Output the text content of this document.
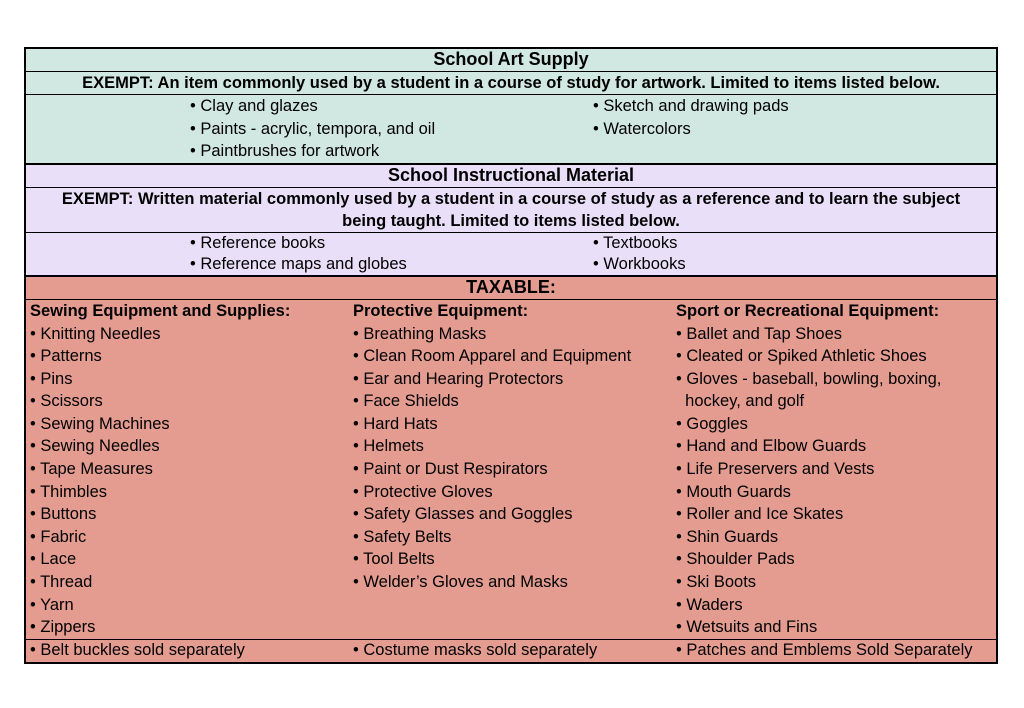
School Art Supply
EXEMPT: An item commonly used by a student in a course of study for artwork. Limited to items listed below.
• Clay and glazes
• Paints - acrylic, tempora, and oil
• Paintbrushes for artwork
• Sketch and drawing pads
• Watercolors
School Instructional Material
EXEMPT: Written material commonly used by a student in a course of study as a reference and to learn the subject
being taught. Limited to items listed below.
• Reference books
• Reference maps and globes
• Textbooks
• Workbooks
TAXABLE:
Sewing Equipment and Supplies:
• Knitting Needles
• Patterns
• Pins
• Scissors
• Sewing Machines
• Sewing Needles
• Tape Measures
• Thimbles
• Buttons
• Fabric
• Lace
• Thread
• Yarn
• Zippers
Protective Equipment:
• Breathing Masks
• Clean Room Apparel and Equipment
• Ear and Hearing Protectors
• Face Shields
• Hard Hats
• Helmets
• Paint or Dust Respirators
• Protective Gloves
• Safety Glasses and Goggles
• Safety Belts
• Tool Belts
• Welder’s Gloves and Masks
Sport or Recreational Equipment:
• Ballet and Tap Shoes
• Cleated or Spiked Athletic Shoes
• Gloves - baseball, bowling, boxing,
hockey, and golf
• Goggles
• Hand and Elbow Guards
• Life Preservers and Vests
• Mouth Guards
• Roller and Ice Skates
• Shin Guards
• Shoulder Pads
• Ski Boots
• Waders
• Wetsuits and Fins
• Belt buckles sold separately	• Costume masks sold separately	• Patches and Emblems Sold Separately
